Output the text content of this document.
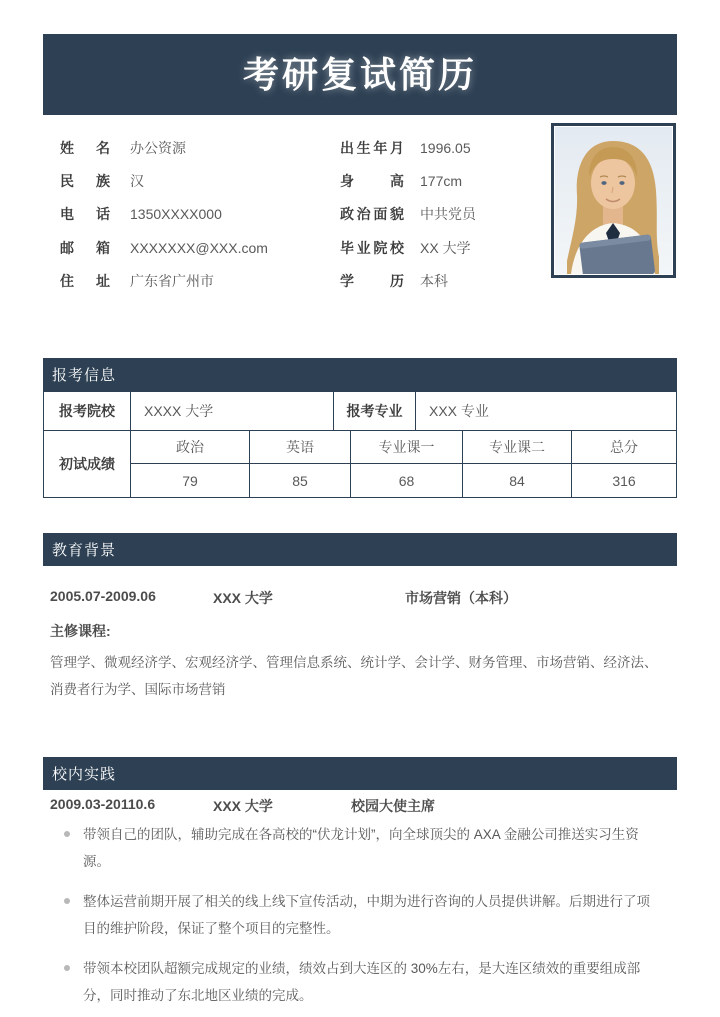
考研复试简历
姓 名 办公资源
民 族 汉
电 话 1350XXXX000
邮 箱 XXXXXXX@XXX.com
住 址 广东省广州市
出生年月 1996.05
身 高 177cm
政治面貌 中共党员
毕业院校 XX 大学
学 历 本科
报考信息
报考院校	XXXX 大学	报考专业	XXX 专业
初试成绩
政治	英语	专业课一	专业课二	总分
79	85	68	84	316
教育背景
2005.07-2009.06	XXX 大学	市场营销（本科）
主修课程:
管理学、微观经济学、宏观经济学、管理信息系统、统计学、会计学、财务管理、市场营销、经济法、消费者行为学、国际市场营销
校内实践
2009.03-20110.6	XXX 大学	校园大使主席

带领自己的团队，辅助完成在各高校的“伏龙计划”，向全球顶尖的 AXA 金融公司推送实习生资源。

整体运营前期开展了相关的线上线下宣传活动，中期为进行咨询的人员提供讲解。后期进行了项目的维护阶段，保证了整个项目的完整性。

带领本校团队超额完成规定的业绩，绩效占到大连区的 30%左右，是大连区绩效的重要组成部分，同时推动了东北地区业绩的完成。
